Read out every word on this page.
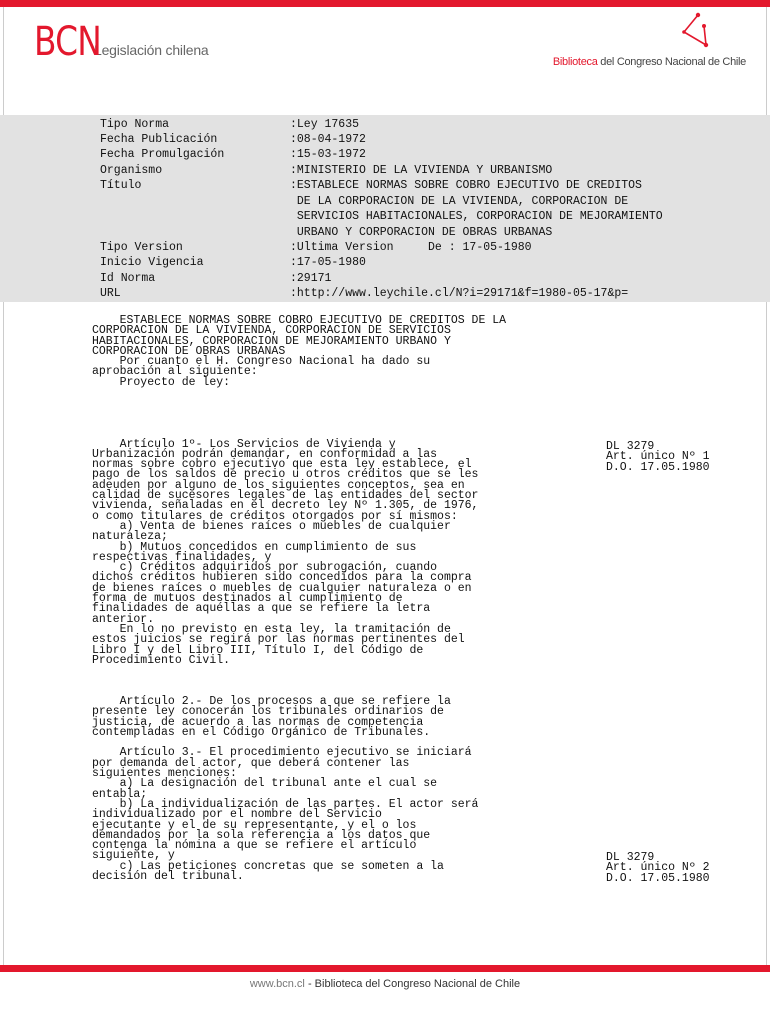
BCN
Legislación chilena
Biblioteca del Congreso Nacional de Chile
Tipo Norma	:Ley 17635
Fecha Publicación	:08-04-1972
Fecha Promulgación	:15-03-1972
Organismo	:MINISTERIO DE LA VIVIENDA Y URBANISMO
Título	:ESTABLECE NORMAS SOBRE COBRO EJECUTIVO DE CREDITOS
DE LA CORPORACION DE LA VIVIENDA, CORPORACION DE
SERVICIOS HABITACIONALES, CORPORACION DE MEJORAMIENTO
URBANO Y CORPORACION DE OBRAS URBANAS
Tipo Version	:Ultima Version     De : 17-05-1980
Inicio Vigencia	:17-05-1980
Id Norma	:29171
URL	:http://www.leychile.cl/N?i=29171&f=1980-05-17&p=

ESTABLECE NORMAS SOBRE COBRO EJECUTIVO DE CREDITOS DE LA

CORPORACION DE LA VIVIENDA, CORPORACION DE SERVICIOS

HABITACIONALES, CORPORACION DE MEJORAMIENTO URBANO Y

CORPORACION DE OBRAS URBANAS

Por cuanto el H. Congreso Nacional ha dado su

aprobación al siguiente:

Proyecto de ley:

Artículo 1º- Los Servicios de Vivienda y

Urbanización podrán demandar, en conformidad a las

normas sobre cobro ejecutivo que esta ley establece, el

pago de los saldos de precio u otros créditos que se les

adeuden por alguno de los siguientes conceptos, sea en

calidad de sucesores legales de las entidades del sector

vivienda, señaladas en el decreto ley Nº 1.305, de 1976,

o como titulares de créditos otorgados por sí mismos:

a) Venta de bienes raíces o muebles de cualquier

naturaleza;

b) Mutuos concedidos en cumplimiento de sus

respectivas finalidades, y

c) Créditos adquiridos por subrogación, cuando

dichos créditos hubieren sido concedidos para la compra

de bienes raíces o muebles de cualquier naturaleza o en

forma de mutuos destinados al cumplimiento de

finalidades de aquéllas a que se refiere la letra

anterior.

En lo no previsto en esta ley, la tramitación de

estos juicios se regirá por las normas pertinentes del

Libro I y del Libro III, Título I, del Código de

Procedimiento Civil.

Artículo 2.- De los procesos a que se refiere la

presente ley conocerán los tribunales ordinarios de

justicia, de acuerdo a las normas de competencia

contempladas en el Código Orgánico de Tribunales.

Artículo 3.- El procedimiento ejecutivo se iniciará

por demanda del actor, que deberá contener las

siguientes menciones:

a) La designación del tribunal ante el cual se

entabla;

b) La individualización de las partes. El actor será

individualizado por el nombre del Servicio

ejecutante y el de su representante, y el o los

demandados por la sola referencia a los datos que

contenga la nómina a que se refiere el artículo

siguiente, y

c) Las peticiones concretas que se someten a la

decisión del tribunal.

DL 3279

Art. único Nº 1

D.O. 17.05.1980

DL 3279

Art. único Nº 2

D.O. 17.05.1980

www.bcn.cl - Biblioteca del Congreso Nacional de Chile
